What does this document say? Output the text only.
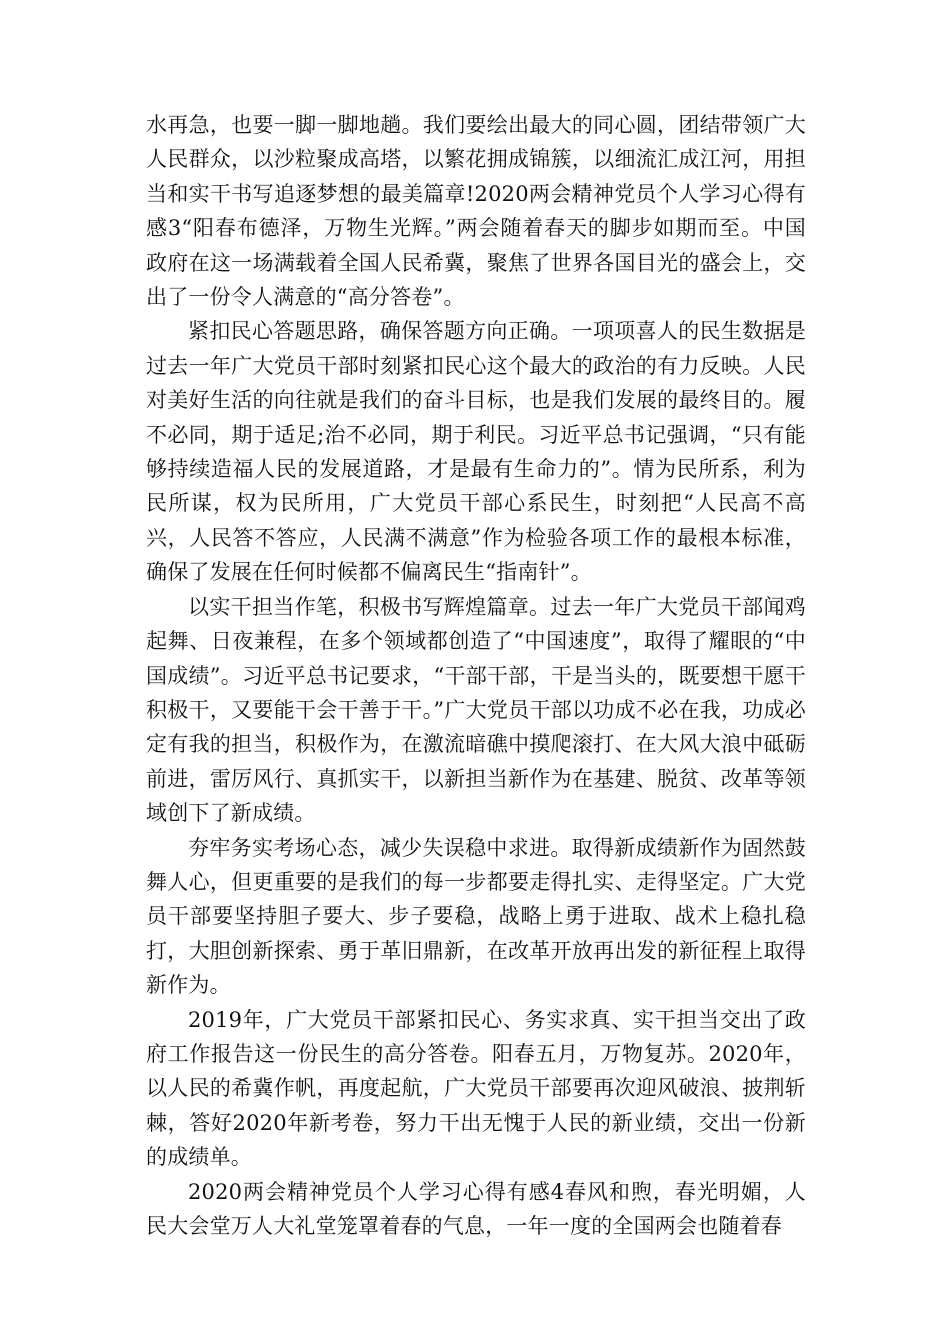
水再急，也要一脚一脚地趟。我们要绘出最大的同心圆，团结带领广大人民群众，以沙粒聚成高塔，以繁花拥成锦簇，以细流汇成江河，用担当和实干书写追逐梦想的最美篇章!2020两会精神党员个人学习心得有感3“阳春布德泽，万物生光辉。”两会随着春天的脚步如期而至。中国政府在这一场满载着全国人民希冀，聚焦了世界各国目光的盛会上，交出了一份令人满意的“高分答卷”。

紧扣民心答题思路，确保答题方向正确。一项项喜人的民生数据是过去一年广大党员干部时刻紧扣民心这个最大的政治的有力反映。人民对美好生活的向往就是我们的奋斗目标，也是我们发展的最终目的。履不必同，期于适足;治不必同，期于利民。习近平总书记强调，“只有能够持续造福人民的发展道路，才是最有生命力的”。情为民所系，利为民所谋，权为民所用，广大党员干部心系民生，时刻把“人民高不高兴，人民答不答应，人民满不满意”作为检验各项工作的最根本标准，确保了发展在任何时候都不偏离民生“指南针”。

以实干担当作笔，积极书写辉煌篇章。过去一年广大党员干部闻鸡起舞、日夜兼程，在多个领域都创造了“中国速度”，取得了耀眼的“中国成绩”。习近平总书记要求，“干部干部，干是当头的，既要想干愿干积极干，又要能干会干善于干。”广大党员干部以功成不必在我，功成必定有我的担当，积极作为，在激流暗礁中摸爬滚打、在大风大浪中砥砺前进，雷厉风行、真抓实干，以新担当新作为在基建、脱贫、改革等领域创下了新成绩。

夯牢务实考场心态，减少失误稳中求进。取得新成绩新作为固然鼓舞人心，但更重要的是我们的每一步都要走得扎实、走得坚定。广大党员干部要坚持胆子要大、步子要稳，战略上勇于进取、战术上稳扎稳打，大胆创新探索、勇于革旧鼎新，在改革开放再出发的新征程上取得新作为。

2019年，广大党员干部紧扣民心、务实求真、实干担当交出了政府工作报告这一份民生的高分答卷。阳春五月，万物复苏。2020年，以人民的希冀作帆，再度起航，广大党员干部要再次迎风破浪、披荆斩棘，答好2020年新考卷，努力干出无愧于人民的新业绩，交出一份新的成绩单。

2020两会精神党员个人学习心得有感4春风和煦，春光明媚，人民大会堂万人大礼堂笼罩着春的气息，一年一度的全国两会也随着春
